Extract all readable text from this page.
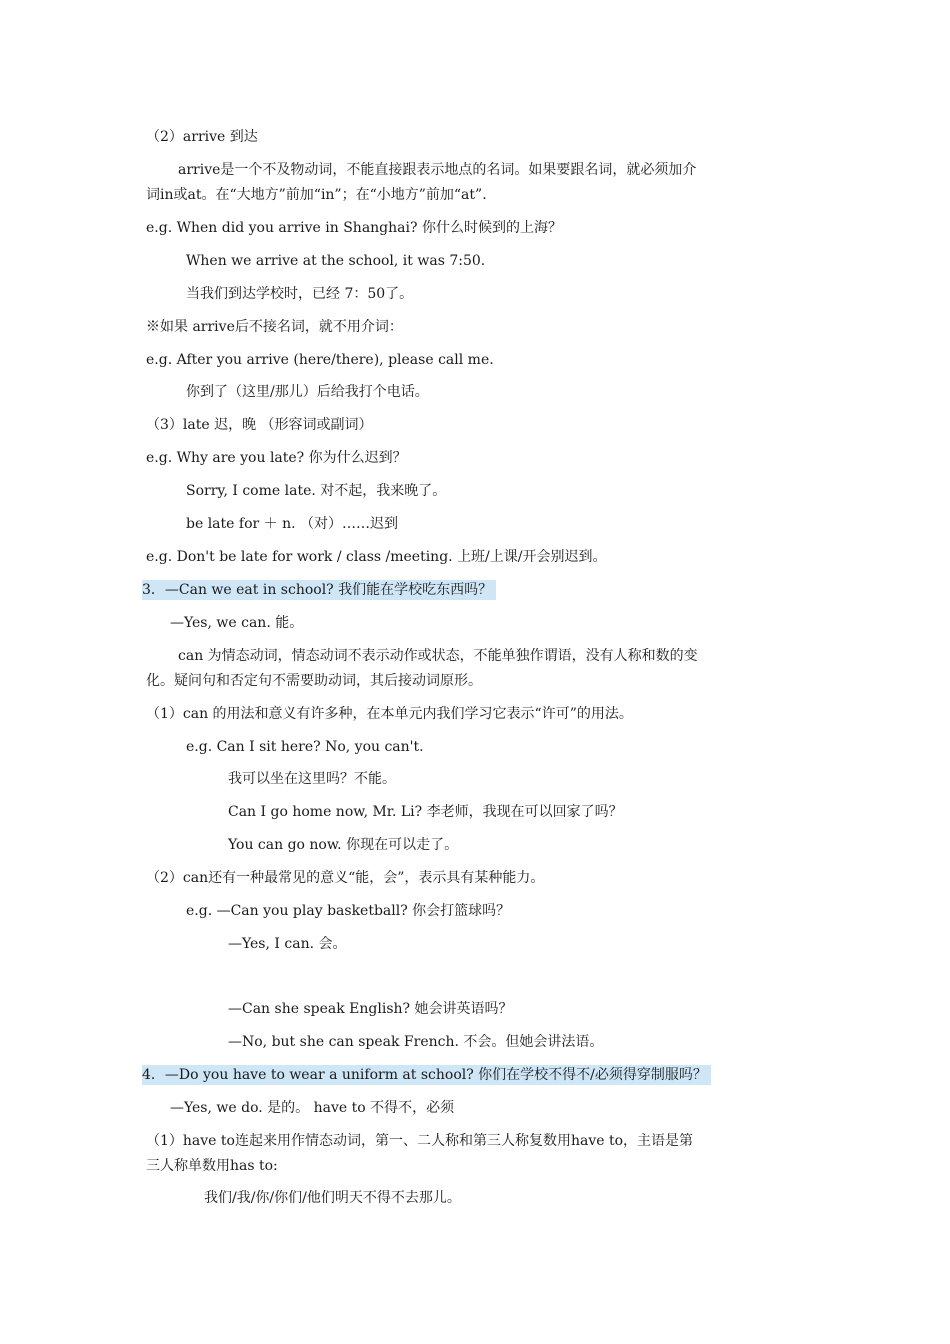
（2）arrive 到达
arrive是一个不及物动词，不能直接跟表示地点的名词。如果要跟名词，就必须加介
词in或at。在“大地方”前加“in”；在“小地方”前加“at”.
e.g. When did you arrive in Shanghai? 你什么时候到的上海？
When we arrive at the school, it was 7:50.
当我们到达学校时，已经 7：50了。
※如果 arrive后不接名词，就不用介词：
e.g. After you arrive (here/there), please call me.
你到了（这里/那儿）后给我打个电话。
（3）late 迟，晚 （形容词或副词）
e.g. Why are you late? 你为什么迟到？
Sorry, I come late. 对不起，我来晚了。
be late for ＋ n. （对）……迟到
e.g. Don't be late for work / class /meeting. 上班/上课/开会别迟到。
3．—Can we eat in school? 我们能在学校吃东西吗？
—Yes, we can. 能。
can 为情态动词，情态动词不表示动作或状态，不能单独作谓语，没有人称和数的变
化。疑问句和否定句不需要助动词，其后接动词原形。
（1）can 的用法和意义有许多种，在本单元内我们学习它表示“许可”的用法。
e.g. Can I sit here? No, you can't.
我可以坐在这里吗？不能。
Can I go home now, Mr. Li? 李老师，我现在可以回家了吗？
You can go now. 你现在可以走了。
（2）can还有一种最常见的意义“能，会”，表示具有某种能力。
e.g. —Can you play basketball? 你会打篮球吗？
—Yes, I can. 会。
—Can she speak English? 她会讲英语吗？
—No, but she can speak French. 不会。但她会讲法语。
4．—Do you have to wear a uniform at school? 你们在学校不得不/必须得穿制服吗？
—Yes, we do. 是的。 have to 不得不，必须
（1）have to连起来用作情态动词，第一、二人称和第三人称复数用have to，主语是第
三人称单数用has to:
我们/我/你/你们/他们明天不得不去那儿。
